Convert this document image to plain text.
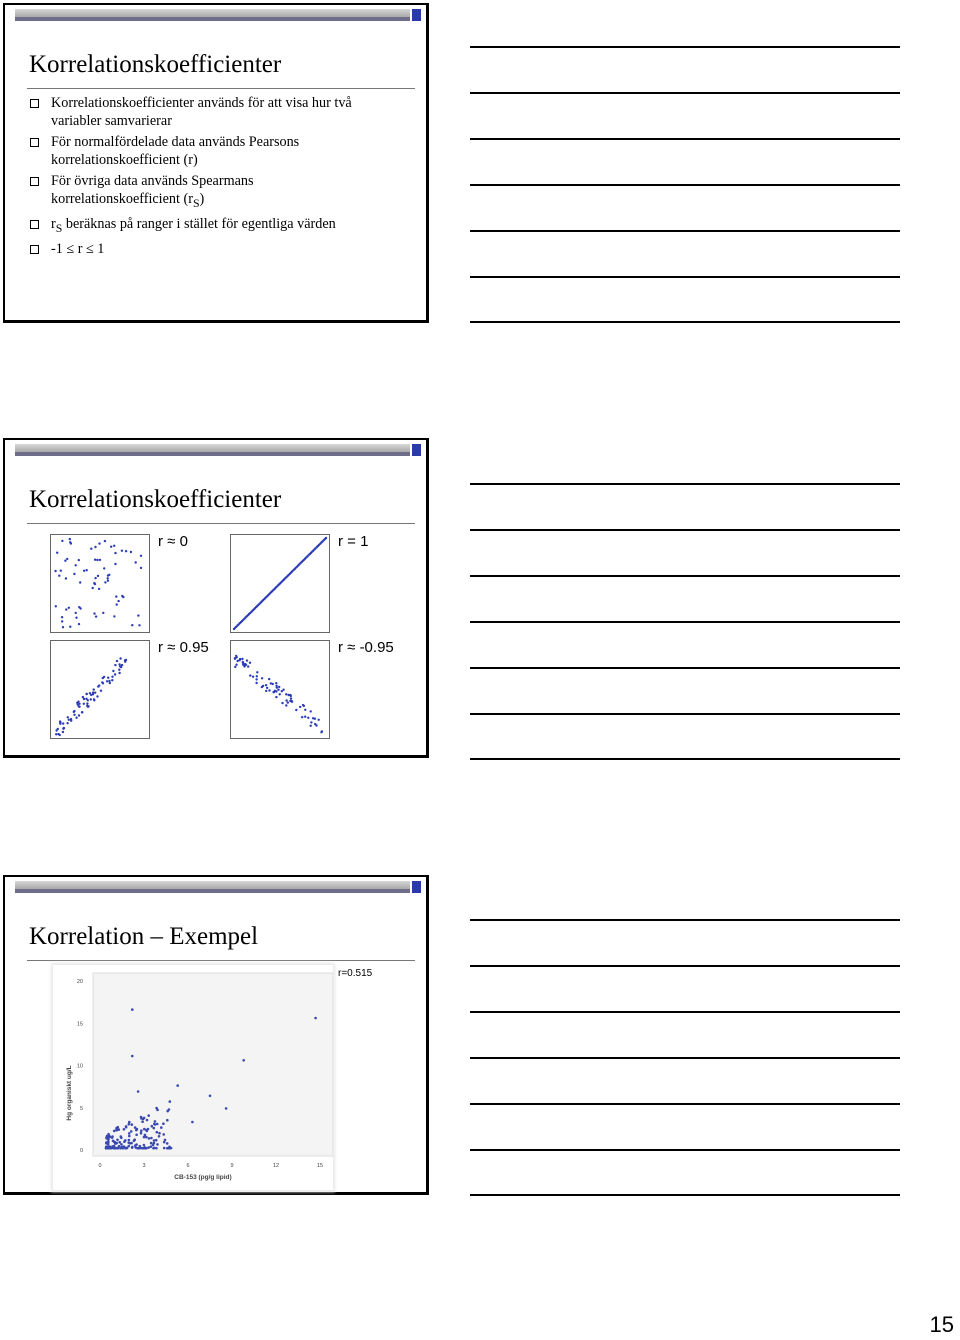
Korrelationskoefficienter
Korrelationskoefficienter används för att visa hur två
variabler samvarierar
För normalfördelade data används Pearsons
korrelationskoefficient (r)
För övriga data används Spearmans
korrelationskoefficient $(r_S)$
$r_S$ beräknas på ranger i stället för egentliga värden
-1 ≤ r ≤ 1
Korrelationskoefficienter
r ≈ 0	r = 1
r ≈ 0.95	r ≈ -0.95
Korrelation – Exempel
0
5
10
15
20
0	3	6	9	12	15
CB-153 (pg/g lipid)
Hg organiskt ug/L
r=0.515
15
